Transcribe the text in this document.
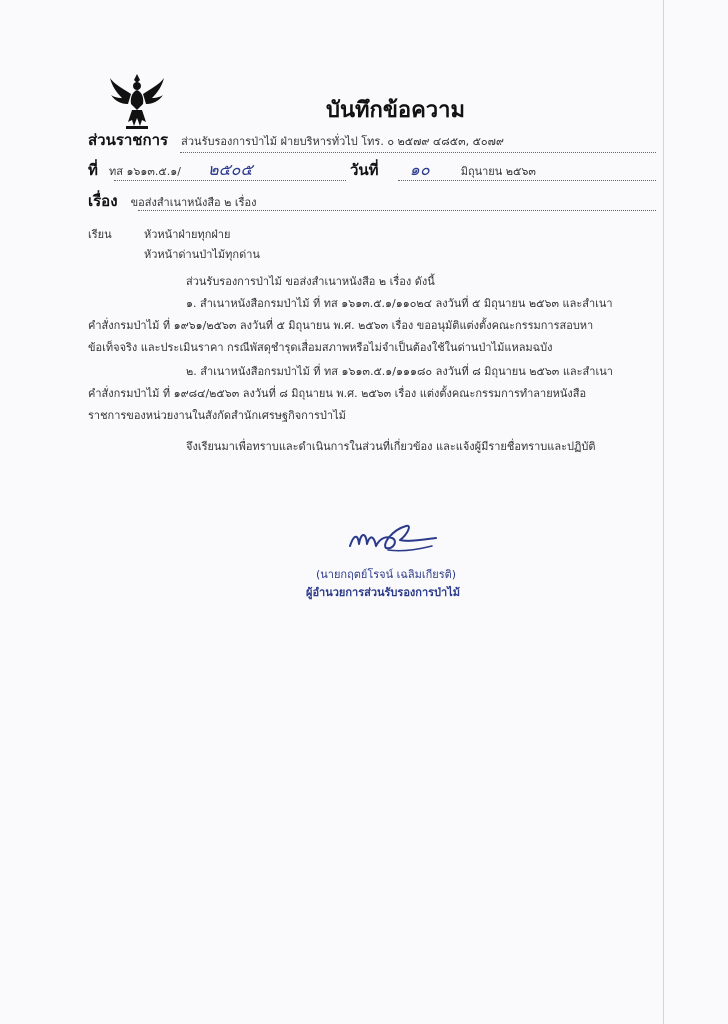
บันทึกข้อความ
ส่วนราชการ ส่วนรับรองการป่าไม้ ฝ่ายบริหารทั่วไป โทร. ๐ ๒๕๗๙ ๔๘๕๓, ๕๐๗๙
ที่ ทส ๑๖๑๓.๕.๑/ ๒๕๐๕	วันที่ ๑๐	มิถุนายน ๒๕๖๓
เรื่อง ขอส่งสำเนาหนังสือ ๒ เรื่อง
เรียน	หัวหน้าฝ่ายทุกฝ่าย
หัวหน้าด่านป่าไม้ทุกด่าน
ส่วนรับรองการป่าไม้ ขอส่งสำเนาหนังสือ ๒ เรื่อง ดังนี้
๑. สำเนาหนังสือกรมป่าไม้ ที่ ทส ๑๖๑๓.๕.๑/๑๑๐๒๔ ลงวันที่ ๕ มิถุนายน ๒๕๖๓ และสำเนา
คำสั่งกรมป่าไม้ ที่ ๑๙๖๑/๒๕๖๓ ลงวันที่ ๕ มิถุนายน พ.ศ. ๒๕๖๓ เรื่อง ขออนุมัติแต่งตั้งคณะกรรมการสอบหา
ข้อเท็จจริง และประเมินราคา กรณีพัสดุชำรุดเสื่อมสภาพหรือไม่จำเป็นต้องใช้ในด่านป่าไม้แหลมฉบัง
๒. สำเนาหนังสือกรมป่าไม้ ที่ ทส ๑๖๑๓.๕.๑/๑๑๑๘๐ ลงวันที่ ๘ มิถุนายน ๒๕๖๓ และสำเนา
คำสั่งกรมป่าไม้ ที่ ๑๙๘๔/๒๕๖๓ ลงวันที่ ๘ มิถุนายน พ.ศ. ๒๕๖๓ เรื่อง แต่งตั้งคณะกรรมการทำลายหนังสือ
ราชการของหน่วยงานในสังกัดสำนักเศรษฐกิจการป่าไม้
จึงเรียนมาเพื่อทราบและดำเนินการในส่วนที่เกี่ยวข้อง และแจ้งผู้มีรายชื่อทราบและปฏิบัติ
(นายกฤตย์โรจน์ เฉลิมเกียรติ)
ผู้อำนวยการส่วนรับรองการป่าไม้
